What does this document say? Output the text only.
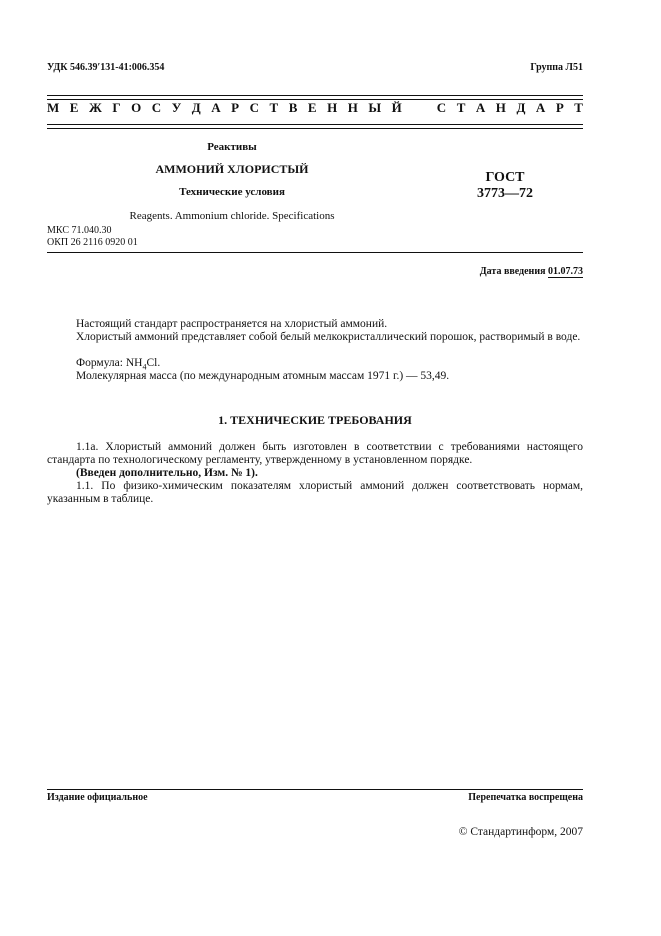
УДК 546.39′131-41:006.354	Группа Л51
М Е Ж Г О С У Д А Р С Т В Е Н Н Ы Й	С Т А Н Д А Р Т
Реактивы
АММОНИЙ ХЛОРИСТЫЙ
Технические условия
Reagents. Ammonium chloride. Specifications
ГОСТ
3773—72
МКС 71.040.30
ОКП 26 2116 0920 01
Дата введения 01.07.73

Настоящий стандарт распространяется на хлористый аммоний.

Хлористый аммоний представляет собой белый мелкокристаллический порошок, растворимый в воде.

Формула: $NH_4Cl$.

Молекулярная масса (по международным атомным массам 1971 г.) — 53,49.

1. ТЕХНИЧЕСКИЕ ТРЕБОВАНИЯ

1.1а. Хлористый аммоний должен быть изготовлен в соответствии с требованиями настоящего стандарта по технологическому регламенту, утвержденному в установленном порядке.

(Введен дополнительно, Изм. № 1).

1.1. По физико-химическим показателям хлористый аммоний должен соответствовать нормам, указанным в таблице.

Издание официальное	Перепечатка воспрещена
© Стандартинформ, 2007
